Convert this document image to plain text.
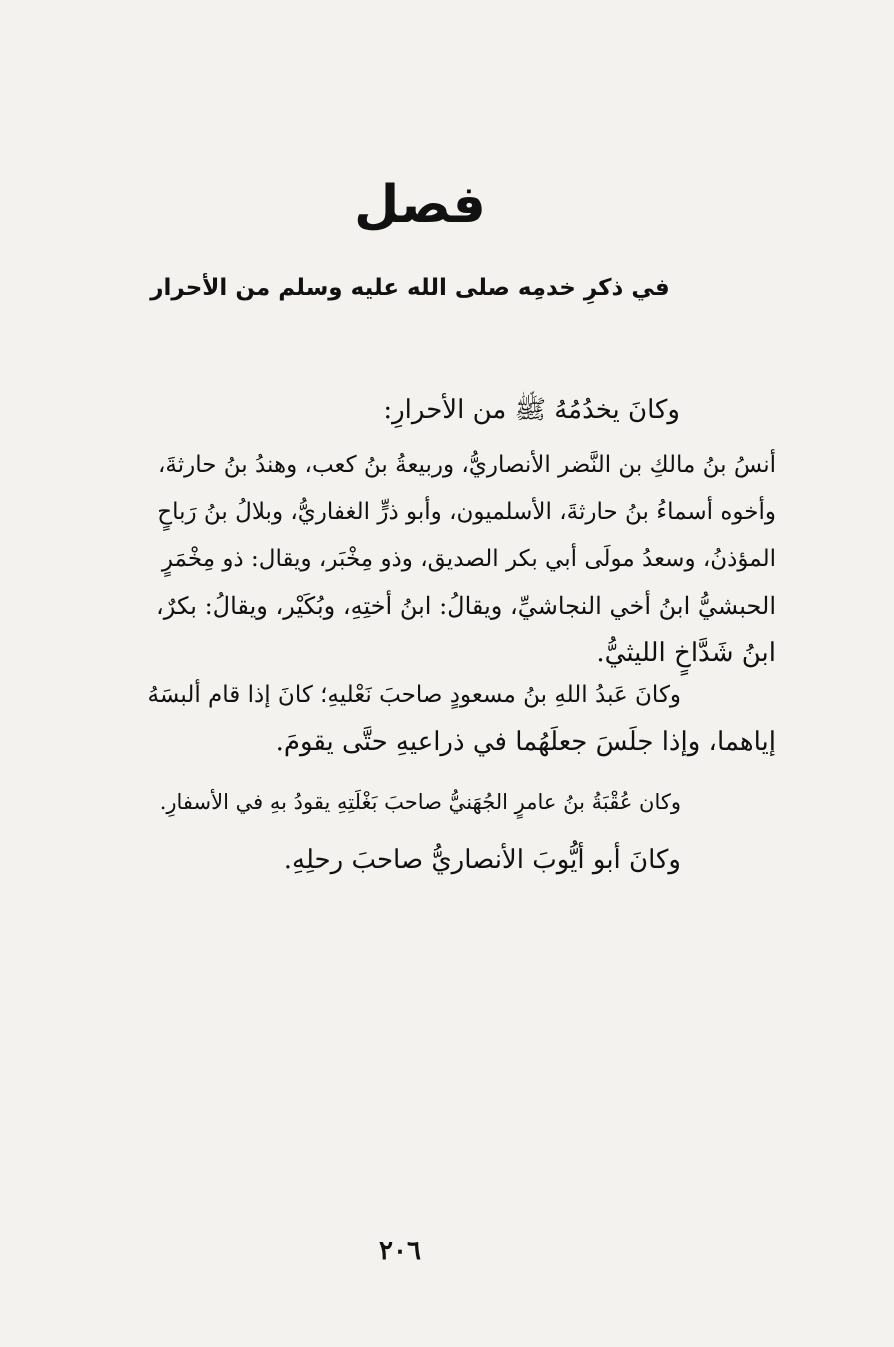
فصل
في ذكرِ خدمِه صلى الله عليه وسلم من الأحرار
وكانَ يخدُمُهُ ﷺ من الأحرارِ:
أنسُ بنُ مالكِ بن النَّضر الأنصاريُّ، وربيعةُ بنُ كعب، وهندُ بنُ حارثةَ،
وأخوه أسماءُ بنُ حارثةَ، الأسلميون، وأبو ذرٍّ الغفاريُّ، وبلالُ بنُ رَباحٍ
المؤذنُ، وسعدُ مولَى أبي بكر الصديق، وذو مِخْبَر، ويقال: ذو مِخْمَرٍ
الحبشيُّ ابنُ أخي النجاشيِّ، ويقالُ: ابنُ أختِهِ، وبُكَيْر، ويقالُ: بكرٌ،
ابنُ شَدَّاخٍ الليثيُّ.
وكانَ عَبدُ اللهِ بنُ مسعودٍ صاحبَ نَعْليهِ؛ كانَ إذا قام ألبسَهُ
إياهما، وإذا جلَسَ جعلَهُما في ذراعيهِ حتَّى يقومَ.
وكان عُقْبَةُ بنُ عامرٍ الجُهَنيُّ صاحبَ بَغْلَتِهِ يقودُ بهِ في الأسفارِ.
وكانَ أبو أيُّوبَ الأنصاريُّ صاحبَ رحلِهِ.
٢٠٦
